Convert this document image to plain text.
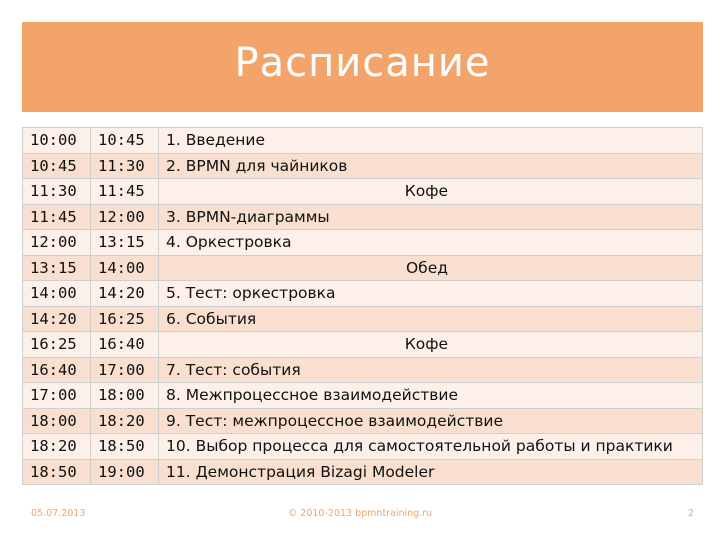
Расписание
10:00	10:45	1. Введение
10:45	11:30	2. BPMN для чайников
11:30	11:45	Кофе
11:45	12:00	3. BPMN-диаграммы
12:00	13:15	4. Оркестровка
13:15	14:00	Обед
14:00	14:20	5. Тест: оркестровка
14:20	16:25	6. События
16:25	16:40	Кофе
16:40	17:00	7. Тест: события
17:00	18:00	8. Межпроцессное взаимодействие
18:00	18:20	9. Тест: межпроцессное взаимодействие
18:20	18:50	10. Выбор процесса для самостоятельной работы и практики
18:50	19:00	11. Демонстрация Bizagi Modeler
05.07.2013	© 2010-2013 bpmntraining.ru	2
